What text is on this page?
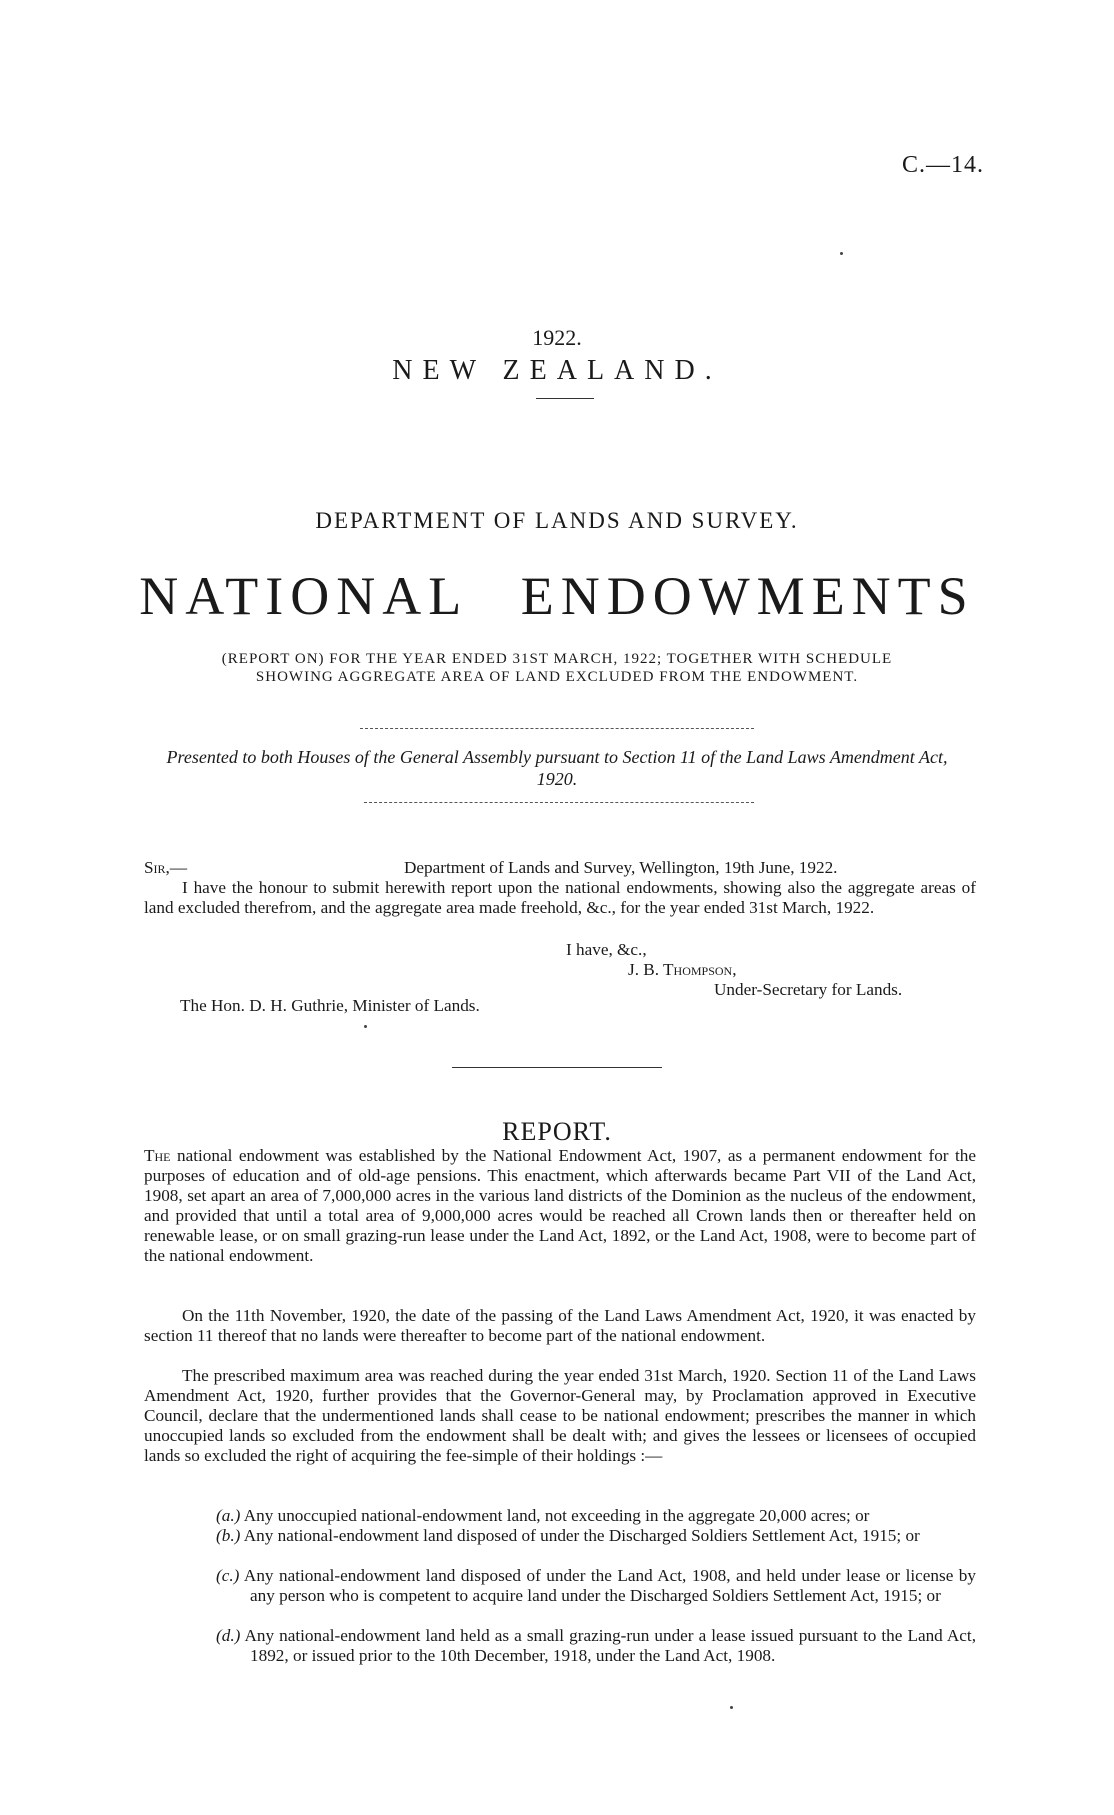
C.—14.
1922.
NEW ZEALAND.
DEPARTMENT OF LANDS AND SURVEY.
NATIONAL ENDOWMENTS
(REPORT ON) FOR THE YEAR ENDED 31ST MARCH, 1922; TOGETHER WITH SCHEDULE
SHOWING AGGREGATE AREA OF LAND EXCLUDED FROM THE ENDOWMENT.
Presented to both Houses of the General Assembly pursuant to Section 11 of the Land Laws Amendment Act, 1920.
Sir,—	Department of Lands and Survey, Wellington, 19th June, 1922.
I have the honour to submit herewith report upon the national endowments, showing also the aggregate areas of land excluded therefrom, and the aggregate area made freehold, &c., for the year ended 31st March, 1922.
I have, &c.,
J. B. Thompson,
Under-Secretary for Lands.
The Hon. D. H. Guthrie, Minister of Lands.
REPORT.
The national endowment was established by the National Endowment Act, 1907, as a permanent endowment for the purposes of education and of old-age pensions. This enactment, which afterwards became Part VII of the Land Act, 1908, set apart an area of 7,000,000 acres in the various land districts of the Dominion as the nucleus of the endowment, and provided that until a total area of 9,000,000 acres would be reached all Crown lands then or thereafter held on renewable lease, or on small grazing-run lease under the Land Act, 1892, or the Land Act, 1908, were to become part of the national endowment.
On the 11th November, 1920, the date of the passing of the Land Laws Amendment Act, 1920, it was enacted by section 11 thereof that no lands were thereafter to become part of the national endowment.
The prescribed maximum area was reached during the year ended 31st March, 1920. Section 11 of the Land Laws Amendment Act, 1920, further provides that the Governor-General may, by Proclamation approved in Executive Council, declare that the undermentioned lands shall cease to be national endowment; prescribes the manner in which unoccupied lands so excluded from the endowment shall be dealt with; and gives the lessees or licensees of occupied lands so excluded the right of acquiring the fee-simple of their holdings :—
(a.) Any unoccupied national-endowment land, not exceeding in the aggregate 20,000 acres; or
(b.) Any national-endowment land disposed of under the Discharged Soldiers Settlement Act, 1915; or
(c.) Any national-endowment land disposed of under the Land Act, 1908, and held under lease or license by any person who is competent to acquire land under the Discharged Soldiers Settlement Act, 1915; or
(d.) Any national-endowment land held as a small grazing-run under a lease issued pursuant to the Land Act, 1892, or issued prior to the 10th December, 1918, under the Land Act, 1908.
